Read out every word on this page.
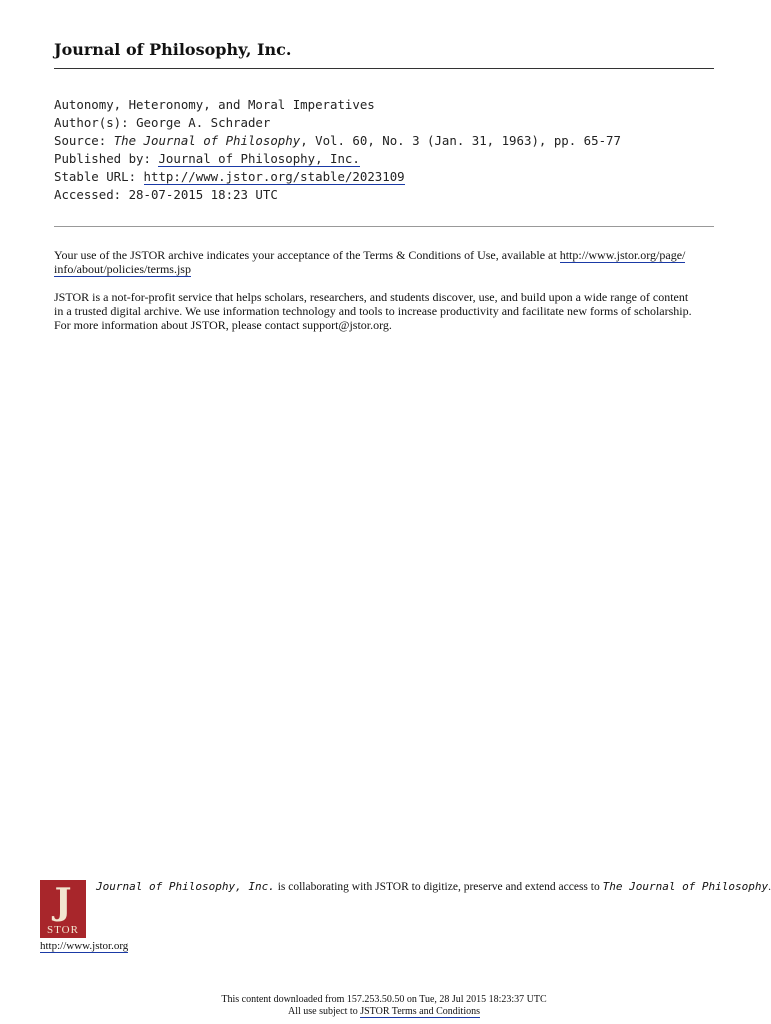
Journal of Philosophy, Inc.
Autonomy, Heteronomy, and Moral Imperatives
Author(s): George A. Schrader
Source: The Journal of Philosophy, Vol. 60, No. 3 (Jan. 31, 1963), pp. 65-77
Published by: Journal of Philosophy, Inc.
Stable URL: http://www.jstor.org/stable/2023109
Accessed: 28-07-2015 18:23 UTC
Your use of the JSTOR archive indicates your acceptance of the Terms & Conditions of Use, available at http://www.jstor.org/page/
info/about/policies/terms.jsp
JSTOR is a not-for-profit service that helps scholars, researchers, and students discover, use, and build upon a wide range of content
in a trusted digital archive. We use information technology and tools to increase productivity and facilitate new forms of scholarship.
For more information about JSTOR, please contact support@jstor.org.
J
STOR
Journal of Philosophy, Inc. is collaborating with JSTOR to digitize, preserve and extend access to The Journal of Philosophy.
http://www.jstor.org
This content downloaded from 157.253.50.50 on Tue, 28 Jul 2015 18:23:37 UTC
All use subject to JSTOR Terms and Conditions
